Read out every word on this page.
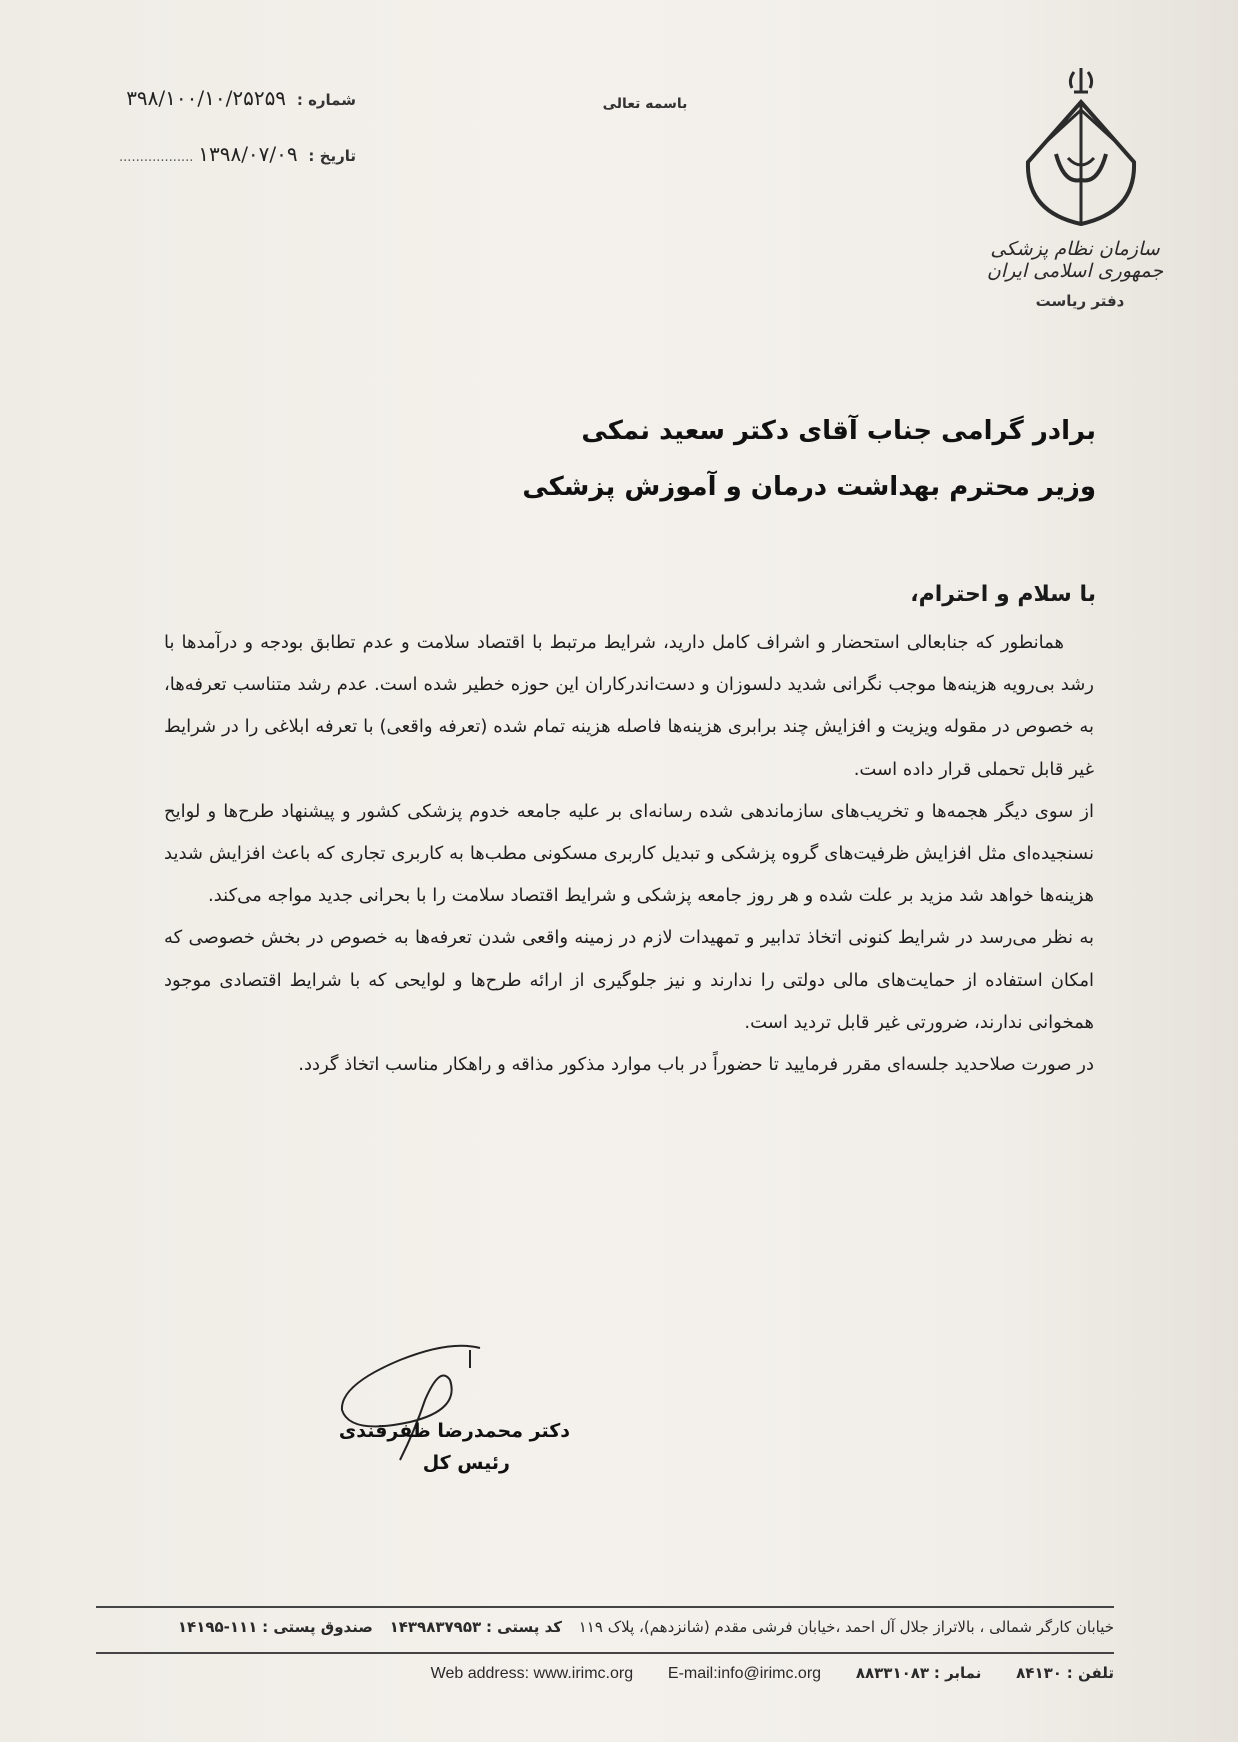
سازمان نظام پزشکی جمهوری اسلامی ایران
دفتر ریاست
باسمه تعالی
شماره : ۳۹۸/۱۰۰/۱۰/۲۵۲۵۹
تاریخ : ۱۳۹۸/۰۷/۰۹ ..................
برادر گرامی جناب آقای دکتر سعید نمکی
وزیر محترم بهداشت درمان و آموزش پزشکی
با سلام و احترام،

همانطور که جنابعالی استحضار و اشراف کامل دارید، شرایط مرتبط با اقتصاد سلامت و عدم تطابق بودجه و درآمدها با رشد بی‌رویه هزینه‌ها موجب نگرانی شدید دلسوزان و دست‌اندرکاران این حوزه خطیر شده است. عدم رشد متناسب تعرفه‌ها، به خصوص در مقوله ویزیت و افزایش چند برابری هزینه‌ها فاصله هزینه تمام شده (تعرفه واقعی) با تعرفه ابلاغی را در شرایط غیر قابل تحملی قرار داده است.

از سوی دیگر هجمه‌ها و تخریب‌های سازماندهی شده رسانه‌ای بر علیه جامعه خدوم پزشکی کشور و پیشنهاد طرح‌ها و لوایح نسنجیده‌ای مثل افزایش ظرفیت‌های گروه پزشکی و تبدیل کاربری مسکونی مطب‌ها به کاربری تجاری که باعث افزایش شدید هزینه‌ها خواهد شد مزید بر علت شده و هر روز جامعه پزشکی و شرایط اقتصاد سلامت را با بحرانی جدید مواجه می‌کند.

به نظر می‌رسد در شرایط کنونی اتخاذ تدابیر و تمهیدات لازم در زمینه واقعی شدن تعرفه‌ها به خصوص در بخش خصوصی که امکان استفاده از حمایت‌های مالی دولتی را ندارند و نیز جلوگیری از ارائه طرح‌ها و لوایحی که با شرایط اقتصادی موجود همخوانی ندارند، ضرورتی غیر قابل تردید است.

در صورت صلاحدید جلسه‌ای مقرر فرمایید تا حضوراً در باب موارد مذکور مذاقه و راهکار مناسب اتخاذ گردد.

دکتر محمدرضا ظفرقندی
رئیس کل
خیابان کارگر شمالی ، بالاتراز جلال آل احمد ،خیابان فرشی مقدم (شانزدهم)، پلاک ۱۱۹ کد پستی : ۱۴۳۹۸۳۷۹۵۳ صندوق پستی : ۱۱۱-۱۴۱۹۵
تلفن : ۸۴۱۳۰ نمابر : ۸۸۳۳۱۰۸۳ Web address: www.irimc.org E-mail:info@irimc.org
